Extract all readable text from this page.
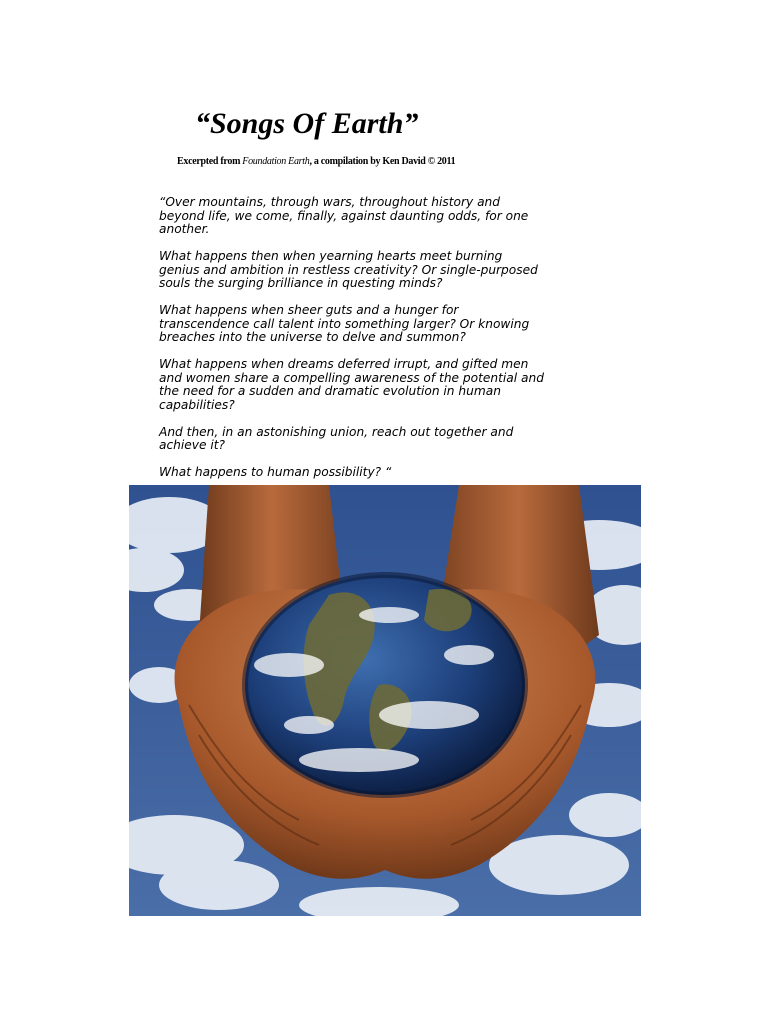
“Songs Of Earth”
Excerpted from Foundation Earth, a compilation by Ken David © 2011

“Over mountains, through wars, throughout history and beyond life, we come, finally, against daunting odds, for one another.

What happens then when yearning hearts meet burning genius and ambition in restless creativity? Or single-purposed souls the surging brilliance in questing minds?

What happens when sheer guts and a hunger for transcendence call talent into something larger? Or knowing breaches into the universe to delve and summon?

What happens when dreams deferred irrupt, and gifted men and women share a compelling awareness of the potential and the need for a sudden and dramatic evolution in human capabilities?

And then, in an astonishing union, reach out together and achieve it?

What happens to human possibility? “
